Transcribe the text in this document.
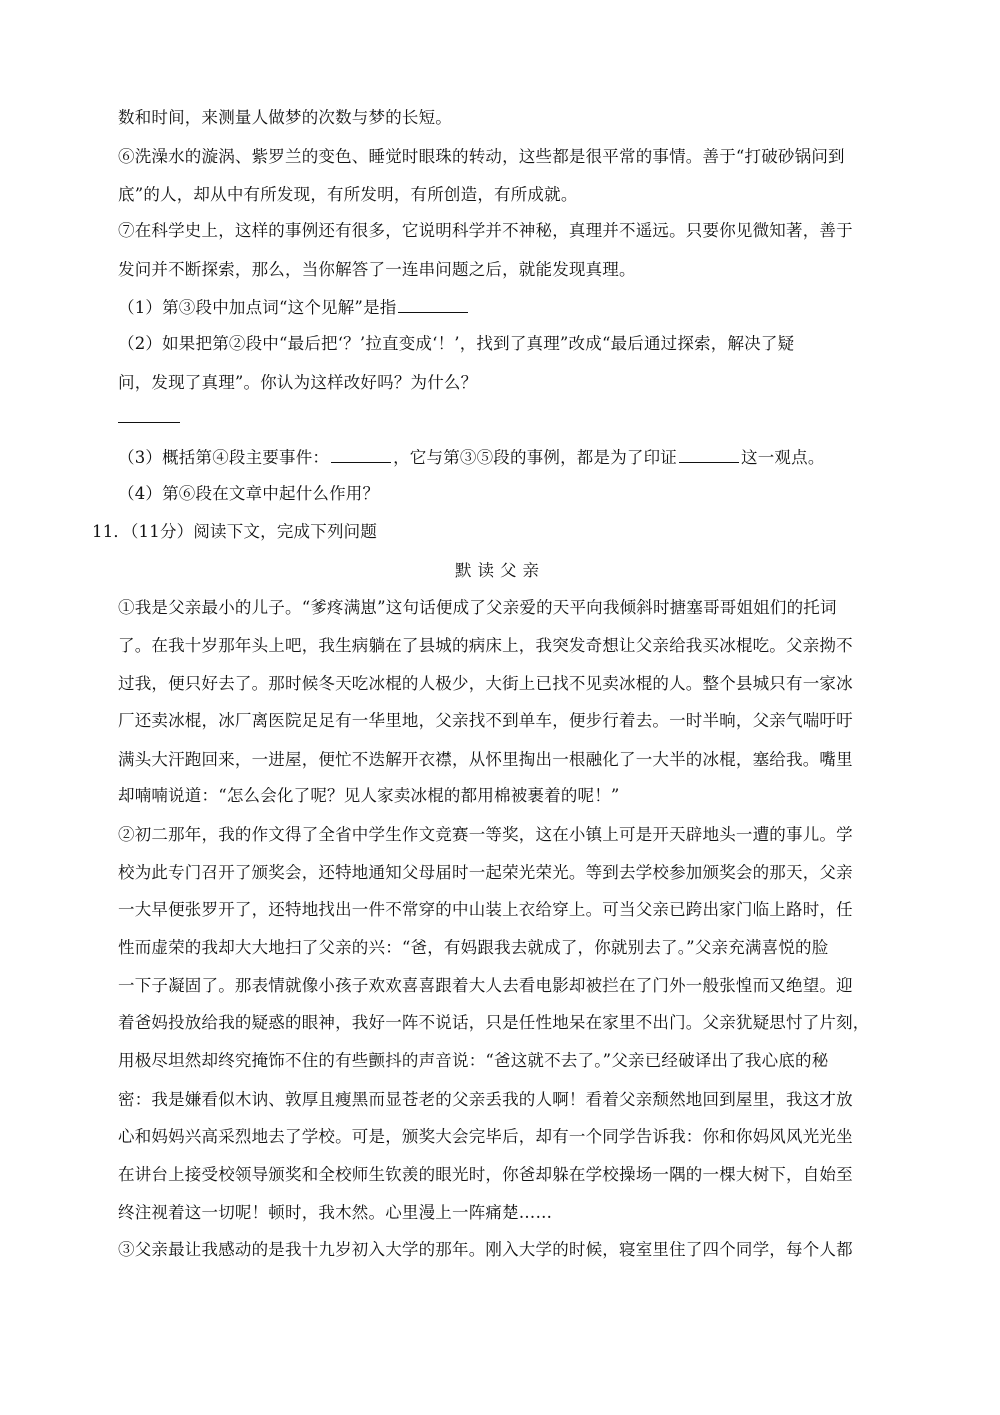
数和时间，来测量人做梦的次数与梦的长短。
⑥洗澡水的漩涡、紫罗兰的变色、睡觉时眼珠的转动，这些都是很平常的事情。善于“打破砂锅问到
底”的人，却从中有所发现，有所发明，有所创造，有所成就。
⑦在科学史上，这样的事例还有很多，它说明科学并不神秘，真理并不遥远。只要你见微知著，善于
发问并不断探索，那么，当你解答了一连串问题之后，就能发现真理。
（1）第③段中加点词“这个见解”是指
（2）如果把第②段中“最后把‘？’拉直变成‘！’，找到了真理”改成“最后通过探索，解决了疑
问，发现了真理”。你认为这样改好吗？为什么？
（3）概括第④段主要事件：	，它与第③⑤段的事例，都是为了印证	这一观点。
（4）第⑥段在文章中起什么作用？
11．（11分）阅读下文，完成下列问题
默读父亲
①我是父亲最小的儿子。“爹疼满崽”这句话便成了父亲爱的天平向我倾斜时搪塞哥哥姐姐们的托词
了。在我十岁那年头上吧，我生病躺在了县城的病床上，我突发奇想让父亲给我买冰棍吃。父亲拗不
过我，便只好去了。那时候冬天吃冰棍的人极少，大街上已找不见卖冰棍的人。整个县城只有一家冰
厂还卖冰棍，冰厂离医院足足有一华里地，父亲找不到单车，便步行着去。一时半晌，父亲气喘吁吁
满头大汗跑回来，一进屋，便忙不迭解开衣襟，从怀里掏出一根融化了一大半的冰棍，塞给我。嘴里
却喃喃说道：“怎么会化了呢？见人家卖冰棍的都用棉被裹着的呢！”
②初二那年，我的作文得了全省中学生作文竞赛一等奖，这在小镇上可是开天辟地头一遭的事儿。学
校为此专门召开了颁奖会，还特地通知父母届时一起荣光荣光。等到去学校参加颁奖会的那天，父亲
一大早便张罗开了，还特地找出一件不常穿的中山装上衣给穿上。可当父亲已跨出家门临上路时，任
性而虚荣的我却大大地扫了父亲的兴：“爸，有妈跟我去就成了，你就别去了。”父亲充满喜悦的脸
一下子凝固了。那表情就像小孩子欢欢喜喜跟着大人去看电影却被拦在了门外一般张惶而又绝望。迎
着爸妈投放给我的疑惑的眼神，我好一阵不说话，只是任性地呆在家里不出门。父亲犹疑思忖了片刻，
用极尽坦然却终究掩饰不住的有些颤抖的声音说：“爸这就不去了。”父亲已经破译出了我心底的秘
密：我是嫌看似木讷、敦厚且瘦黑而显苍老的父亲丢我的人啊！看着父亲颓然地回到屋里，我这才放
心和妈妈兴高采烈地去了学校。可是，颁奖大会完毕后，却有一个同学告诉我：你和你妈风风光光坐
在讲台上接受校领导颁奖和全校师生钦羡的眼光时，你爸却躲在学校操场一隅的一棵大树下，自始至
终注视着这一切呢！顿时，我木然。心里漫上一阵痛楚……
③父亲最让我感动的是我十九岁初入大学的那年。刚入大学的时候，寝室里住了四个同学，每个人都
